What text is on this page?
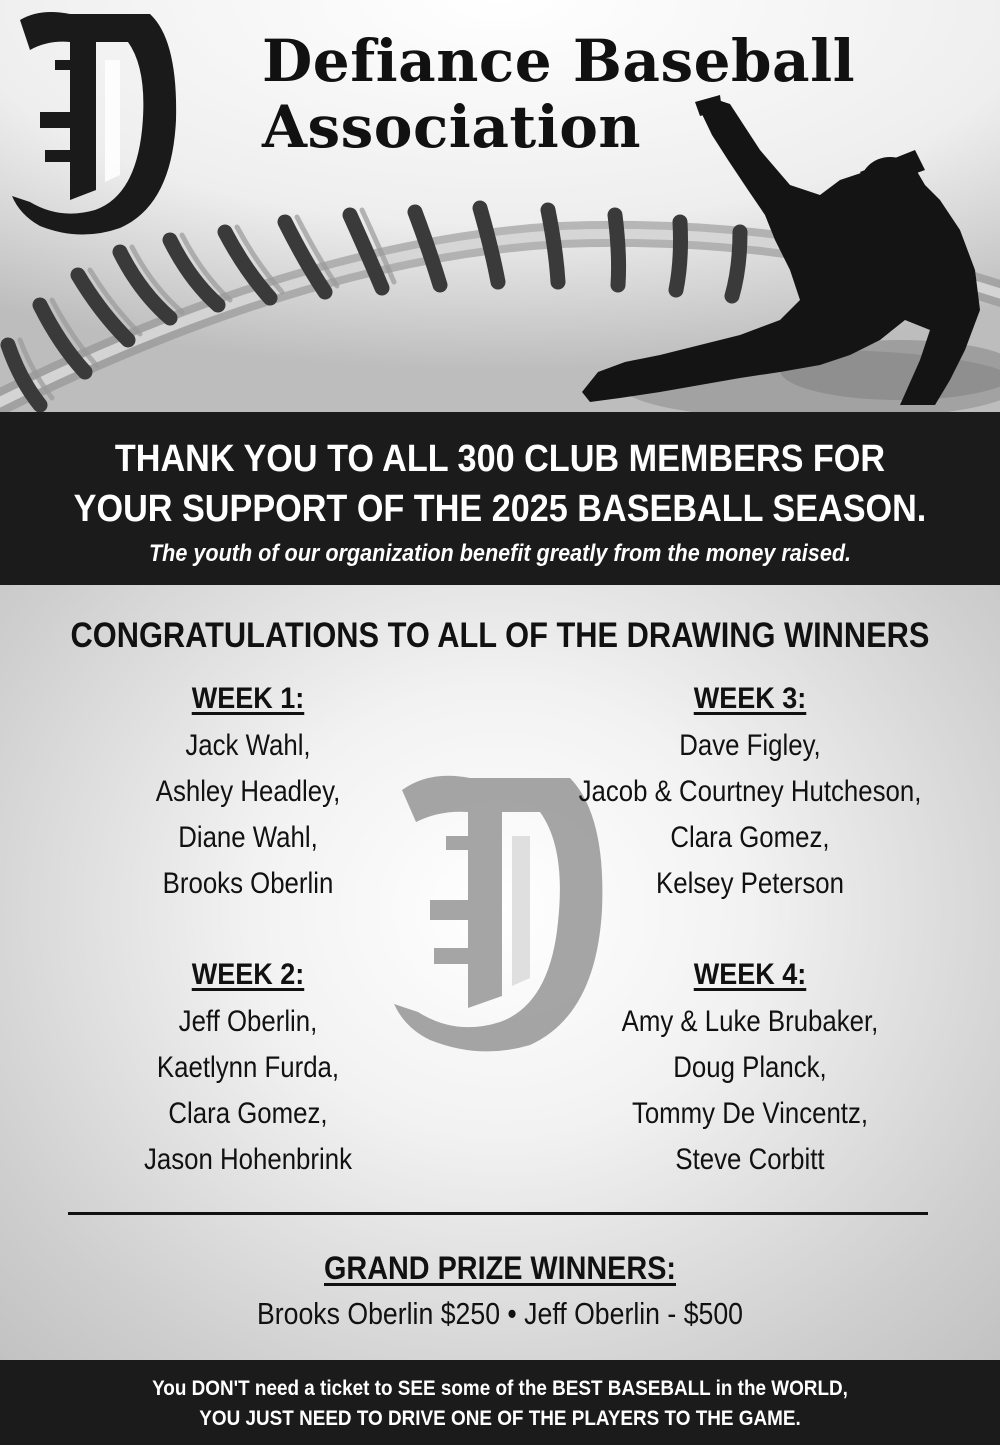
Defiance Baseball
Association
THANK YOU TO ALL 300 CLUB MEMBERS FOR
YOUR SUPPORT OF THE 2025 BASEBALL SEASON.
The youth of our organization benefit greatly from the money raised.
CONGRATULATIONS TO ALL OF THE DRAWING WINNERS
WEEK 1:
Jack Wahl,
Ashley Headley,
Diane Wahl,
Brooks Oberlin
WEEK 3:
Dave Figley,
Jacob & Courtney Hutcheson,
Clara Gomez,
Kelsey Peterson
WEEK 2:
Jeff Oberlin,
Kaetlynn Furda,
Clara Gomez,
Jason Hohenbrink
WEEK 4:
Amy & Luke Brubaker,
Doug Planck,
Tommy De Vincentz,
Steve Corbitt
GRAND PRIZE WINNERS:
Brooks Oberlin $250 • Jeff Oberlin - $500
You DON'T need a ticket to SEE some of the BEST BASEBALL in the WORLD,
YOU JUST NEED TO DRIVE ONE OF THE PLAYERS TO THE GAME.
